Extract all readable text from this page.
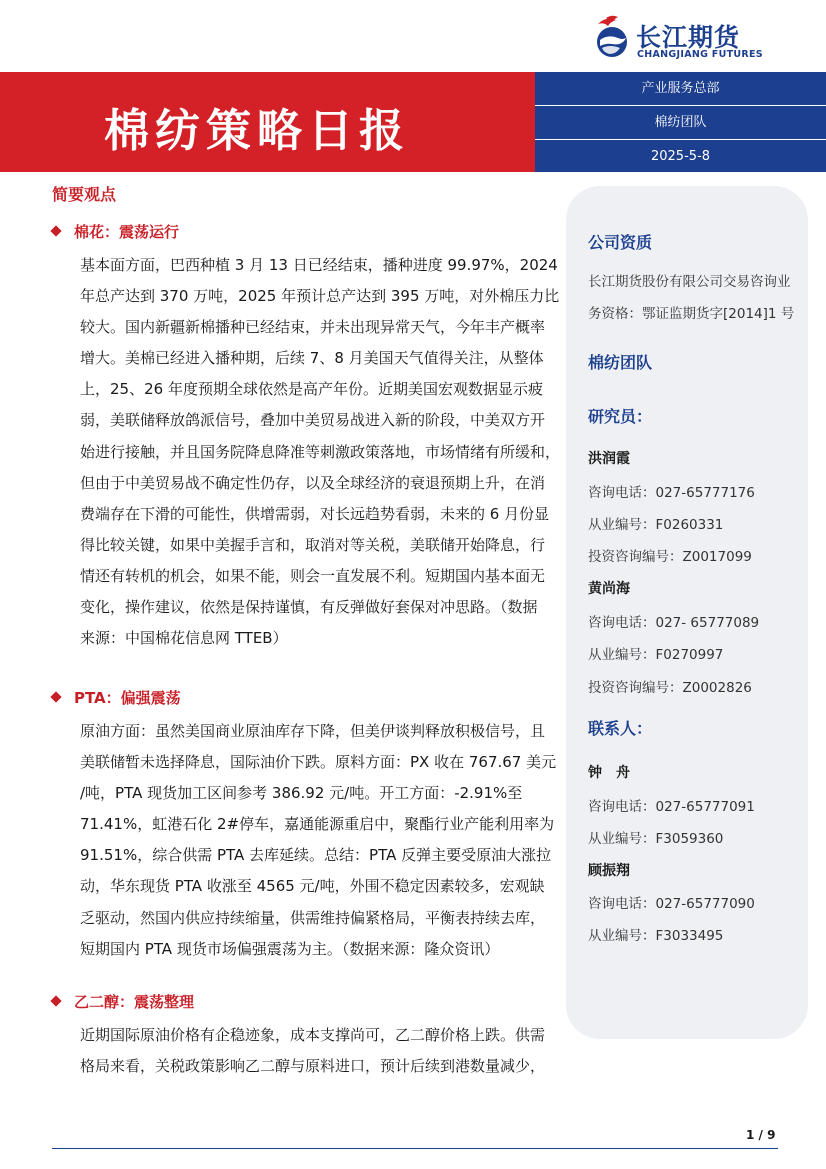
长江期货
CHANGJIANG FUTURES
棉纺策略日报
产业服务总部
棉纺团队
2025-5-8
简要观点
棉花：震荡运行
基本面方面，巴西种植 3 月 13 日已经结束，播种进度 99.97%，2024
年总产达到 370 万吨，2025 年预计总产达到 395 万吨，对外棉压力比
较大。国内新疆新棉播种已经结束，并未出现异常天气，今年丰产概率
增大。美棉已经进入播种期，后续 7、8 月美国天气值得关注，从整体
上，25、26 年度预期全球依然是高产年份。近期美国宏观数据显示疲
弱，美联储释放鸽派信号，叠加中美贸易战进入新的阶段，中美双方开
始进行接触，并且国务院降息降准等刺激政策落地，市场情绪有所缓和，
但由于中美贸易战不确定性仍存，以及全球经济的衰退预期上升，在消
费端存在下滑的可能性，供增需弱，对长远趋势看弱，未来的 6 月份显
得比较关键，如果中美握手言和，取消对等关税，美联储开始降息，行
情还有转机的机会，如果不能，则会一直发展不利。短期国内基本面无
变化，操作建议，依然是保持谨慎，有反弹做好套保对冲思路。（数据
来源：中国棉花信息网 TTEB）
PTA：偏强震荡
原油方面：虽然美国商业原油库存下降，但美伊谈判释放积极信号，且
美联储暂未选择降息，国际油价下跌。原料方面：PX 收在 767.67 美元
/吨，PTA 现货加工区间参考 386.92 元/吨。开工方面：-2.91%至
71.41%，虹港石化 2#停车，嘉通能源重启中，聚酯行业产能利用率为
91.51%，综合供需 PTA 去库延续。总结：PTA 反弹主要受原油大涨拉
动，华东现货 PTA 收涨至 4565 元/吨，外围不稳定因素较多，宏观缺
乏驱动，然国内供应持续缩量，供需维持偏紧格局，平衡表持续去库，
短期国内 PTA 现货市场偏强震荡为主。（数据来源：隆众资讯）
乙二醇：震荡整理
近期国际原油价格有企稳迹象，成本支撑尚可，乙二醇价格上跌。供需
格局来看，关税政策影响乙二醇与原料进口，预计后续到港数量减少，
公司资质
长江期货股份有限公司交易咨询业
务资格：鄂证监期货字[2014]1 号
棉纺团队
研究员：
洪润霞
咨询电话：027-65777176
从业编号：F0260331
投资咨询编号：Z0017099
黄尚海
咨询电话：027- 65777089
从业编号：F0270997
投资咨询编号：Z0002826
联系人：
钟　舟
咨询电话：027-65777091
从业编号：F3059360
顾振翔
咨询电话：027-65777090
从业编号：F3033495
1 / 9
